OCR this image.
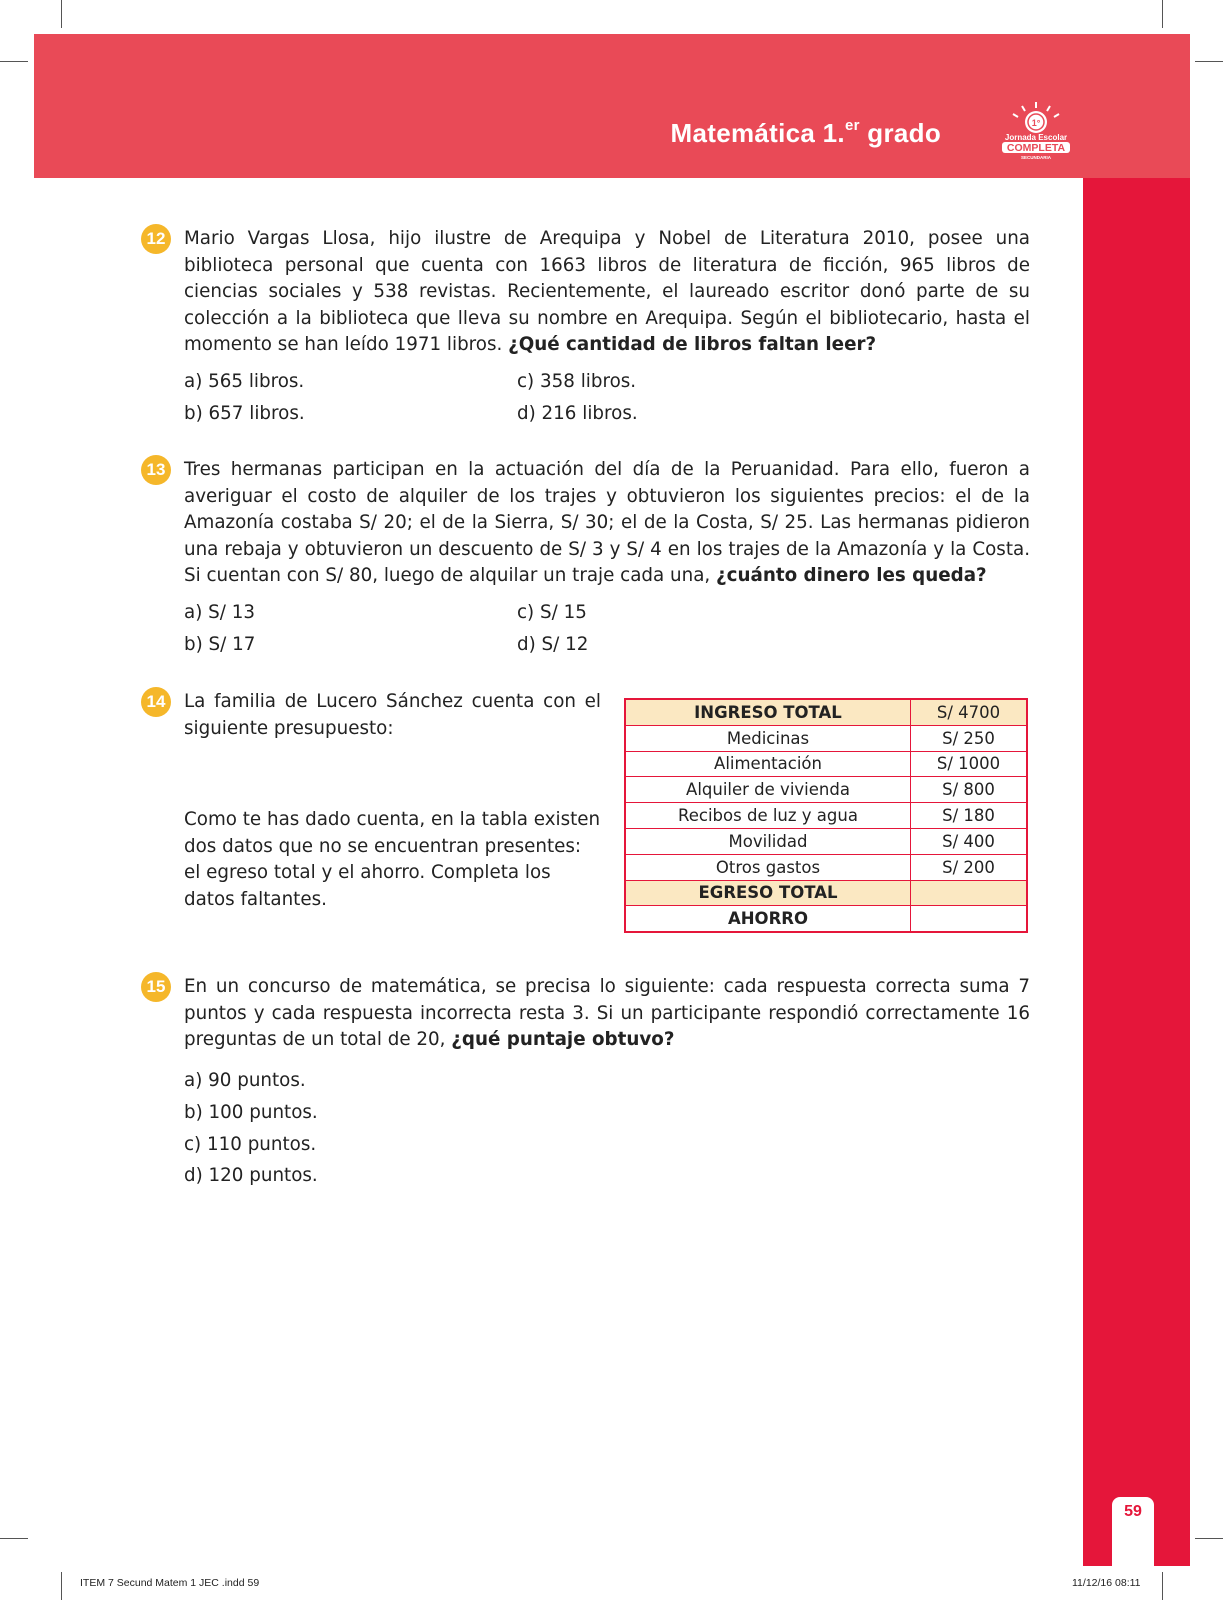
Matemática 1.$^{er}$ grado	1°
Jornada Escolar
COMPLETA
SECUNDARIA
59
12	Mario Vargas Llosa, hijo ilustre de Arequipa y Nobel de Literatura 2010, posee una biblioteca personal que cuenta con 1663 libros de literatura de ficción, 965 libros de ciencias sociales y 538 revistas. Recientemente, el laureado escritor donó parte de su colección a la biblioteca que lleva su nombre en Arequipa. Según el bibliotecario, hasta el momento se han leído 1971 libros. ¿Qué cantidad de libros faltan leer?
a) 565 libros.
b) 657 libros.
c) 358 libros.
d) 216 libros.
13	Tres hermanas participan en la actuación del día de la Peruanidad. Para ello, fueron a averiguar el costo de alquiler de los trajes y obtuvieron los siguientes precios: el de la Amazonía costaba S/ 20; el de la Sierra, S/ 30; el de la Costa, S/ 25. Las hermanas pidieron una rebaja y obtuvieron un descuento de S/ 3 y S/ 4 en los trajes de la Amazonía y la Costa. Si cuentan con S/ 80, luego de alquilar un traje cada una, ¿cuánto dinero les queda?
a) S/ 13
b) S/ 17
c) S/ 15
d) S/ 12
14	La familia de Lucero Sánchez cuenta con el siguiente presupuesto:
Como te has dado cuenta, en la tabla existen dos datos que no se encuentran presentes: el egreso total y el ahorro. Completa los datos faltantes.
INGRESO TOTAL	S/ 4700
Medicinas	S/ 250
Alimentación	S/ 1000
Alquiler de vivienda	S/ 800
Recibos de luz y agua	S/ 180
Movilidad	S/ 400
Otros gastos	S/ 200
EGRESO TOTAL	
AHORRO	
15	En un concurso de matemática, se precisa lo siguiente: cada respuesta correcta suma 7 puntos y cada respuesta incorrecta resta 3. Si un participante respondió correctamente 16 preguntas de un total de 20, ¿qué puntaje obtuvo?
a) 90 puntos.
b) 100 puntos.
c) 110 puntos.
d) 120 puntos.
ITEM 7 Secund Matem 1 JEC .indd 59	11/12/16 08:11
